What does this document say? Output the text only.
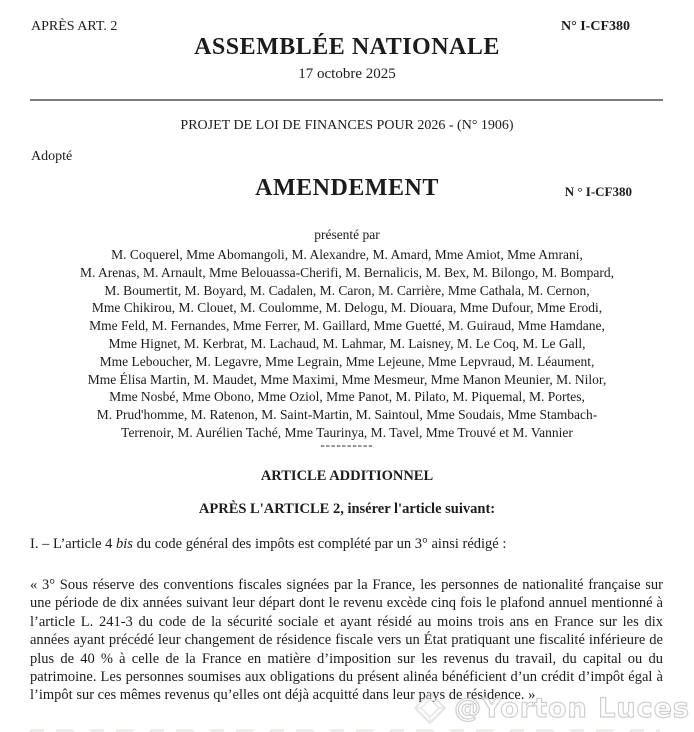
APRÈS ART. 2	N° I-CF380
ASSEMBLÉE NATIONALE
17 octobre 2025
PROJET DE LOI DE FINANCES POUR 2026 - (N° 1906)
Adopté
AMENDEMENT	N ° I-CF380
présenté par
M. Coquerel, Mme Abomangoli, M. Alexandre, M. Amard, Mme Amiot, Mme Amrani,
M. Arenas, M. Arnault, Mme Belouassa-Cherifi, M. Bernalicis, M. Bex, M. Bilongo, M. Bompard,
M. Boumertit, M. Boyard, M. Cadalen, M. Caron, M. Carrière, Mme Cathala, M. Cernon,
Mme Chikirou, M. Clouet, M. Coulomme, M. Delogu, M. Diouara, Mme Dufour, Mme Erodi,
Mme Feld, M. Fernandes, Mme Ferrer, M. Gaillard, Mme Guetté, M. Guiraud, Mme Hamdane,
Mme Hignet, M. Kerbrat, M. Lachaud, M. Lahmar, M. Laisney, M. Le Coq, M. Le Gall,
Mme Leboucher, M. Legavre, Mme Legrain, Mme Lejeune, Mme Lepvraud, M. Léaument,
Mme Élisa Martin, M. Maudet, Mme Maximi, Mme Mesmeur, Mme Manon Meunier, M. Nilor,
Mme Nosbé, Mme Obono, Mme Oziol, Mme Panot, M. Pilato, M. Piquemal, M. Portes,
M. Prud'homme, M. Ratenon, M. Saint-Martin, M. Saintoul, Mme Soudais, Mme Stambach-
Terrenoir, M. Aurélien Taché, Mme Taurinya, M. Tavel, Mme Trouvé et M. Vannier
----------
ARTICLE ADDITIONNEL
APRÈS L'ARTICLE 2, insérer l'article suivant:
I. – L’article 4 bis du code général des impôts est complété par un 3° ainsi rédigé :
« 3° Sous réserve des conventions fiscales signées par la France, les personnes de nationalité française sur une période de dix années suivant leur départ dont le revenu excède cinq fois le plafond annuel mentionné à l’article L. 241-3 du code de la sécurité sociale et ayant résidé au moins trois ans en France sur les dix années ayant précédé leur changement de résidence fiscale vers un État pratiquant une fiscalité inférieure de plus de 40 % à celle de la France en matière d’imposition sur les revenus du travail, du capital ou du patrimoine. Les personnes soumises aux obligations du présent alinéa bénéficient d’un crédit d’impôt égal à l’impôt sur ces mêmes revenus qu’elles ont déjà acquitté dans leur pays de résidence. »
@Yorton Luces
